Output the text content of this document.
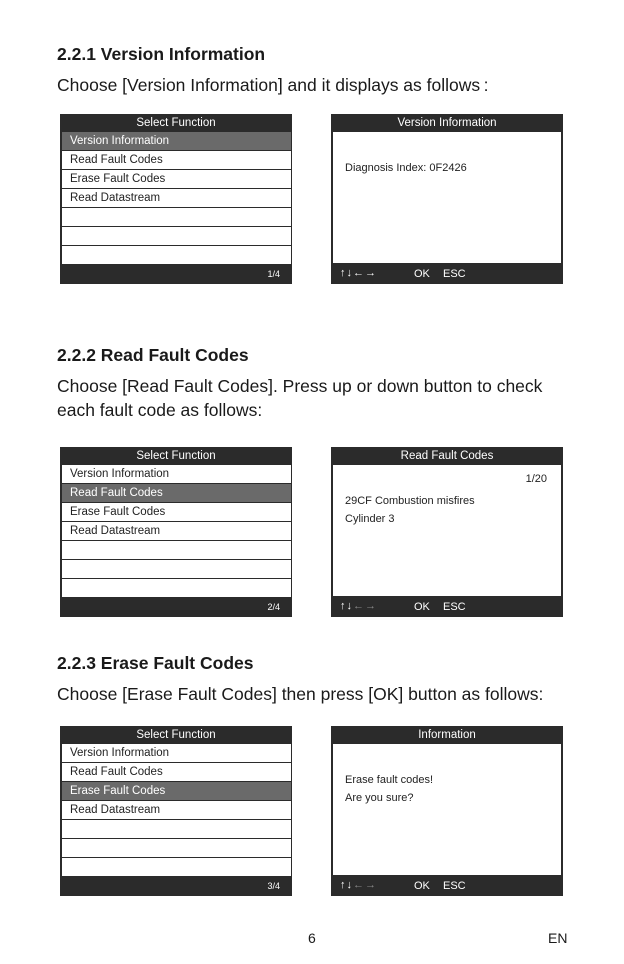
2.2.1 Version Information
Choose [Version Information] and it displays as follows :
Select Function
Version Information
Read Fault Codes
Erase Fault Codes
Read Datastream
1/4
Version Information
Diagnosis Index: 0F2426
↑↓←→	OK ESC
2.2.2 Read Fault Codes
Choose [Read Fault Codes]. Press up or down button to check each fault code as follows:
Select Function
Version Information
Read Fault Codes
Erase Fault Codes
Read Datastream
2/4
Read Fault Codes
1/20
29CF Combustion misfires
Cylinder 3
↑↓←→	OK ESC
2.2.3 Erase Fault Codes
Choose [Erase Fault Codes] then press [OK] button as follows:
Select Function
Version Information
Read Fault Codes
Erase Fault Codes
Read Datastream
3/4
Information
Erase fault codes!
Are you sure?
↑↓←→	OK ESC
6	EN
